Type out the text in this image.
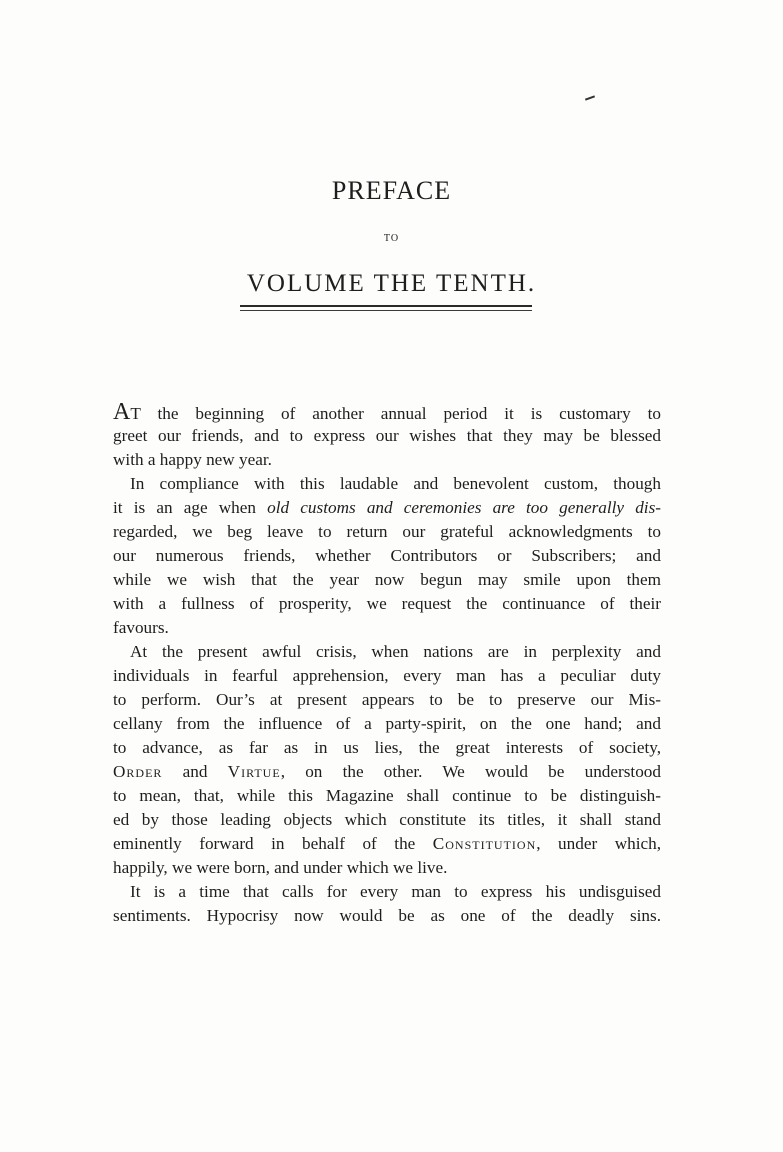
PREFACE
TO
VOLUME THE TENTH.
AT the beginning of another annual period it is customary to
greet our friends, and to express our wishes that they may be blessed
with a happy new year.
In compliance with this laudable and benevolent custom, though
it is an age when old customs and ceremonies are too generally dis-
regarded, we beg leave to return our grateful acknowledgments to
our numerous friends, whether Contributors or Subscribers; and
while we wish that the year now begun may smile upon them
with a fullness of prosperity, we request the continuance of their
favours.
At the present awful crisis, when nations are in perplexity and
individuals in fearful apprehension, every man has a peculiar duty
to perform. Our’s at present appears to be to preserve our Mis-
cellany from the influence of a party-spirit, on the one hand; and
to advance, as far as in us lies, the great interests of society,
Order and Virtue, on the other. We would be understood
to mean, that, while this Magazine shall continue to be distinguish-
ed by those leading objects which constitute its titles, it shall stand
eminently forward in behalf of the Constitution, under which,
happily, we were born, and under which we live.
It is a time that calls for every man to express his undisguised
sentiments. Hypocrisy now would be as one of the deadly sins.
